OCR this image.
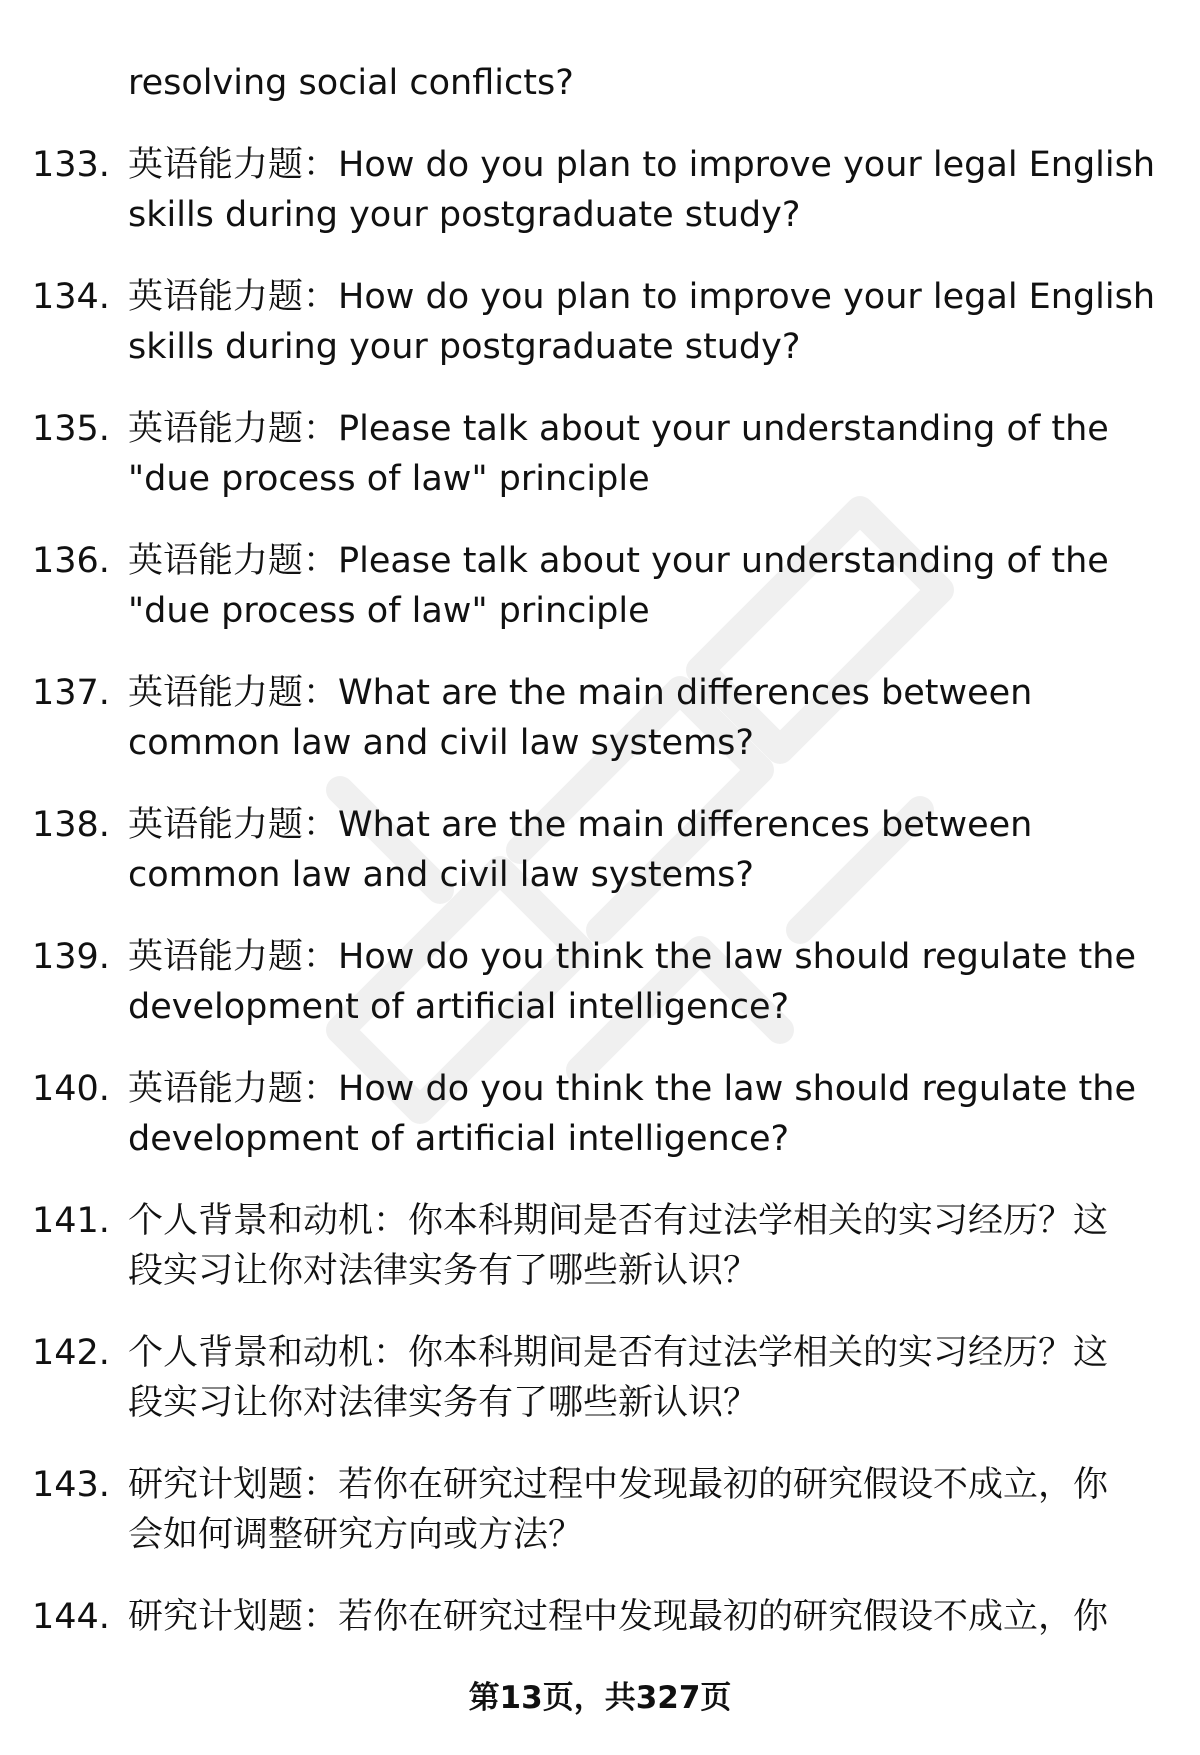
resolving social conflicts?
133. 英语能力题：How do you plan to improve your legal English
skills during your postgraduate study?
134. 英语能力题：How do you plan to improve your legal English
skills during your postgraduate study?
135. 英语能力题：Please talk about your understanding of the
"due process of law" principle
136. 英语能力题：Please talk about your understanding of the
"due process of law" principle
137. 英语能力题：What are the main differences between
common law and civil law systems?
138. 英语能力题：What are the main differences between
common law and civil law systems?
139. 英语能力题：How do you think the law should regulate the
development of artificial intelligence?
140. 英语能力题：How do you think the law should regulate the
development of artificial intelligence?
141. 个人背景和动机：你本科期间是否有过法学相关的实习经历？这
段实习让你对法律实务有了哪些新认识？
142. 个人背景和动机：你本科期间是否有过法学相关的实习经历？这
段实习让你对法律实务有了哪些新认识？
143. 研究计划题：若你在研究过程中发现最初的研究假设不成立，你
会如何调整研究方向或方法？
144. 研究计划题：若你在研究过程中发现最初的研究假设不成立，你
第13页，共327页
